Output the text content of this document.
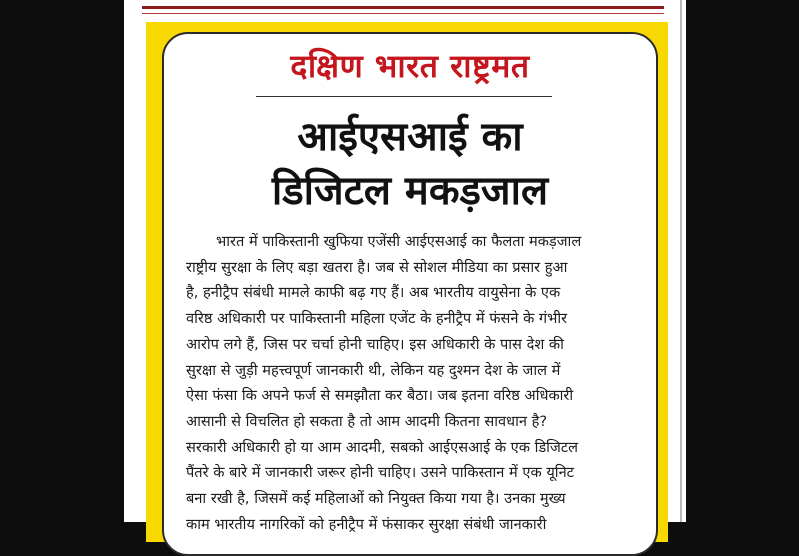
दक्षिण भारत राष्ट्रमत
आईएसआई का
डिजिटल मकड़जाल
भारत में पाकिस्तानी खुफिया एजेंसी आईएसआई का फैलता मकड़जाल
राष्ट्रीय सुरक्षा के लिए बड़ा खतरा है। जब से सोशल मीडिया का प्रसार हुआ
है, हनीट्रैप संबंधी मामले काफी बढ़ गए हैं। अब भारतीय वायुसेना के एक
वरिष्ठ अधिकारी पर पाकिस्तानी महिला एजेंट के हनीट्रैप में फंसने के गंभीर
आरोप लगे हैं, जिस पर चर्चा होनी चाहिए। इस अधिकारी के पास देश की
सुरक्षा से जुड़ी महत्त्वपूर्ण जानकारी थी, लेकिन यह दुश्मन देश के जाल में
ऐसा फंसा कि अपने फर्ज से समझौता कर बैठा। जब इतना वरिष्ठ अधिकारी
आसानी से विचलित हो सकता है तो आम आदमी कितना सावधान है?
सरकारी अधिकारी हो या आम आदमी, सबको आईएसआई के एक डिजिटल
पैंतरे के बारे में जानकारी जरूर होनी चाहिए। उसने पाकिस्तान में एक यूनिट
बना रखी है, जिसमें कई महिलाओं को नियुक्त किया गया है। उनका मुख्य
काम भारतीय नागरिकों को हनीट्रैप में फंसाकर सुरक्षा संबंधी जानकारी
